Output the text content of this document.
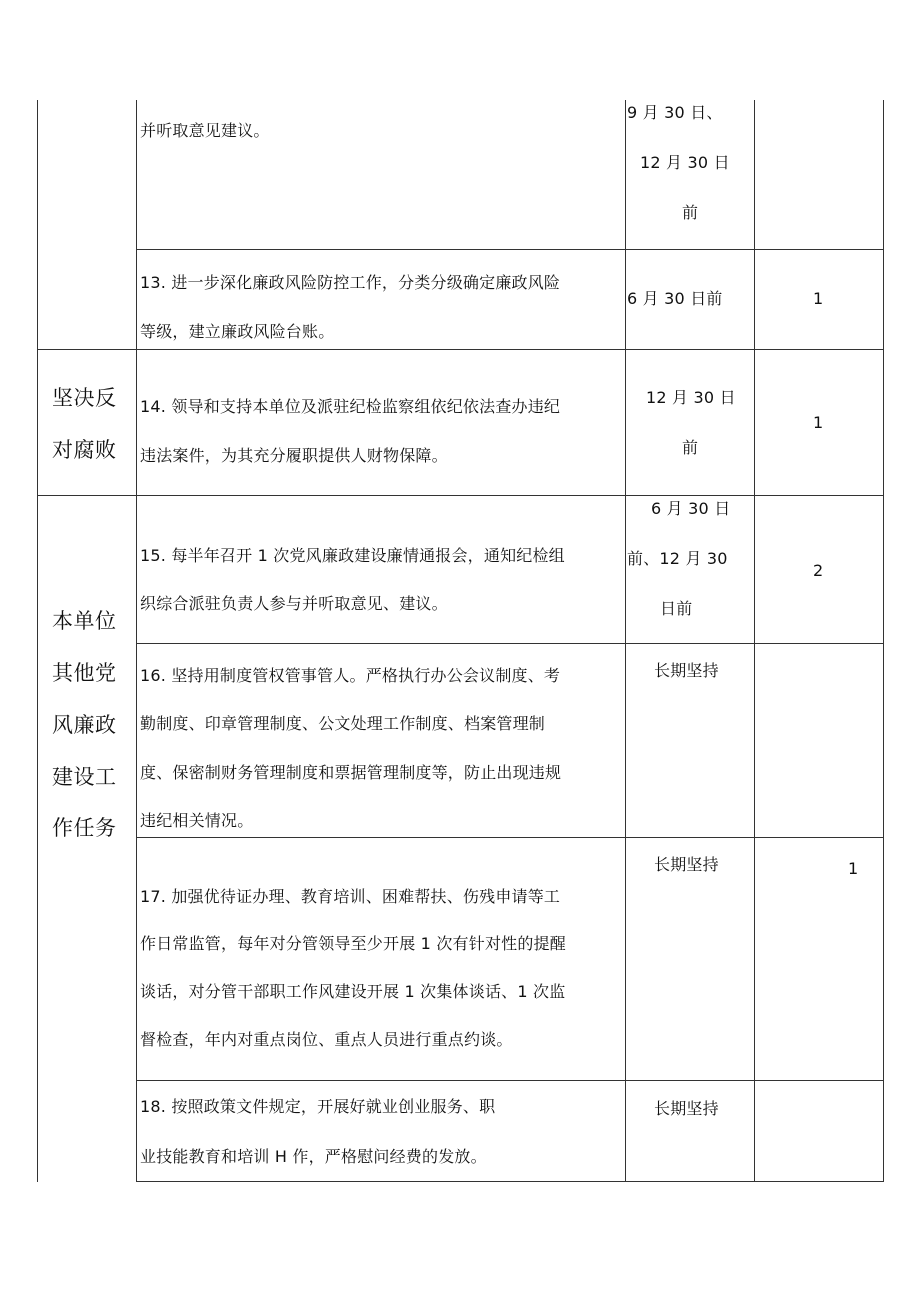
坚决反
对腐败
本单位
其他党
风廉政
建设工
作任务
并听取意见建议。
9 月 30 日、
12 月 30 日
前
13. 进一步深化廉政风险防控工作，分类分级确定廉政风险
等级，建立廉政风险台账。
6 月 30 日前	1
14. 领导和支持本单位及派驻纪检监察组依纪依法查办违纪
违法案件，为其充分履职提供人财物保障。
12 月 30 日
前
1
15. 每半年召开 1 次党风廉政建设廉情通报会，通知纪检组
织综合派驻负责人参与并听取意见、建议。
6 月 30 日
前、12 月 30
日前
2
16. 坚持用制度管权管事管人。严格执行办公会议制度、考
勤制度、印章管理制度、公文处理工作制度、档案管理制
度、保密制财务管理制度和票据管理制度等，防止出现违规
违纪相关情况。
长期坚持
17. 加强优待证办理、教育培训、困难帮扶、伤残申请等工
作日常监管，每年对分管领导至少开展 1 次有针对性的提醒
谈话，对分管干部职工作风建设开展 1 次集体谈话、1 次监
督检查，年内对重点岗位、重点人员进行重点约谈。
长期坚持	1
18. 按照政策文件规定，开展好就业创业服务、职
业技能教育和培训 H 作，严格慰问经费的发放。
长期坚持
